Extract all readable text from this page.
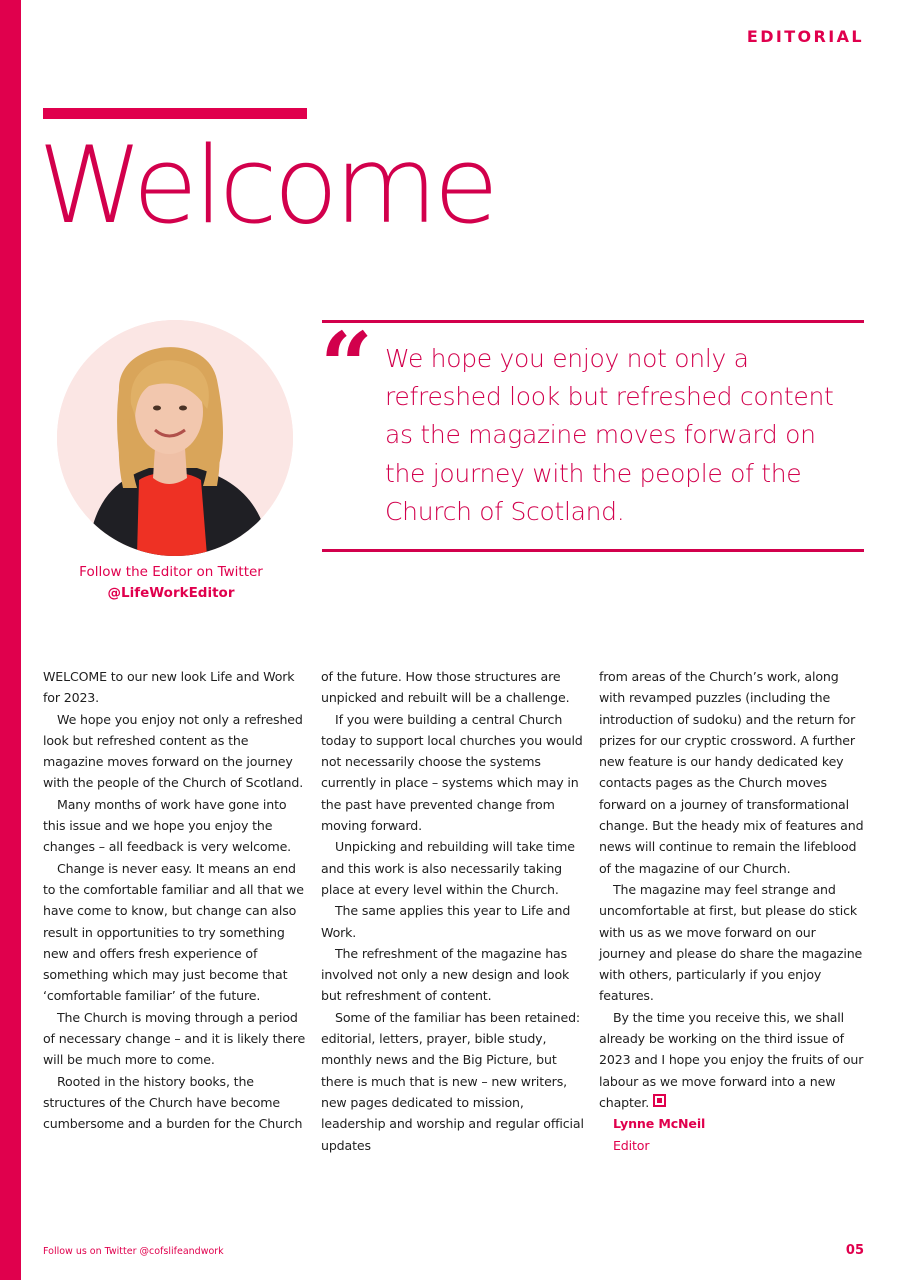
EDITORIAL
Welcome
Follow the Editor on Twitter
@LifeWorkEditor
“ We hope you enjoy not only a refreshed look but refreshed content as the magazine moves forward on the journey with the people of the Church of Scotland.

WELCOME to our new look Life and Work for 2023.

We hope you enjoy not only a refreshed look but refreshed content as the magazine moves forward on the journey with the people of the Church of Scotland.

Many months of work have gone into this issue and we hope you enjoy the changes – all feedback is very welcome.

Change is never easy. It means an end to the comfortable familiar and all that we have come to know, but change can also result in opportunities to try something new and offers fresh experience of something which may just become that ‘comfortable familiar’ of the future.

The Church is moving through a period of necessary change – and it is likely there will be much more to come.

Rooted in the history books, the structures of the Church have become cumbersome and a burden for the Church

of the future. How those structures are unpicked and rebuilt will be a challenge.

If you were building a central Church today to support local churches you would not necessarily choose the systems currently in place – systems which may in the past have prevented change from moving forward.

Unpicking and rebuilding will take time and this work is also necessarily taking place at every level within the Church.

The same applies this year to Life and Work.

The refreshment of the magazine has involved not only a new design and look but refreshment of content.

Some of the familiar has been retained: editorial, letters, prayer, bible study, monthly news and the Big Picture, but there is much that is new – new writers, new pages dedicated to mission, leadership and worship and regular official updates

from areas of the Church’s work, along with revamped puzzles (including the introduction of sudoku) and the return for prizes for our cryptic crossword. A further new feature is our handy dedicated key contacts pages as the Church moves forward on a journey of transformational change. But the heady mix of features and news will continue to remain the lifeblood of the magazine of our Church.

The magazine may feel strange and uncomfortable at first, but please do stick with us as we move forward on our journey and please do share the magazine with others, particularly if you enjoy features.

By the time you receive this, we shall already be working on the third issue of 2023 and I hope you enjoy the fruits of our labour as we move forward into a new chapter.

Lynne McNeil

Editor

Follow us on Twitter @cofslifeandwork	05
